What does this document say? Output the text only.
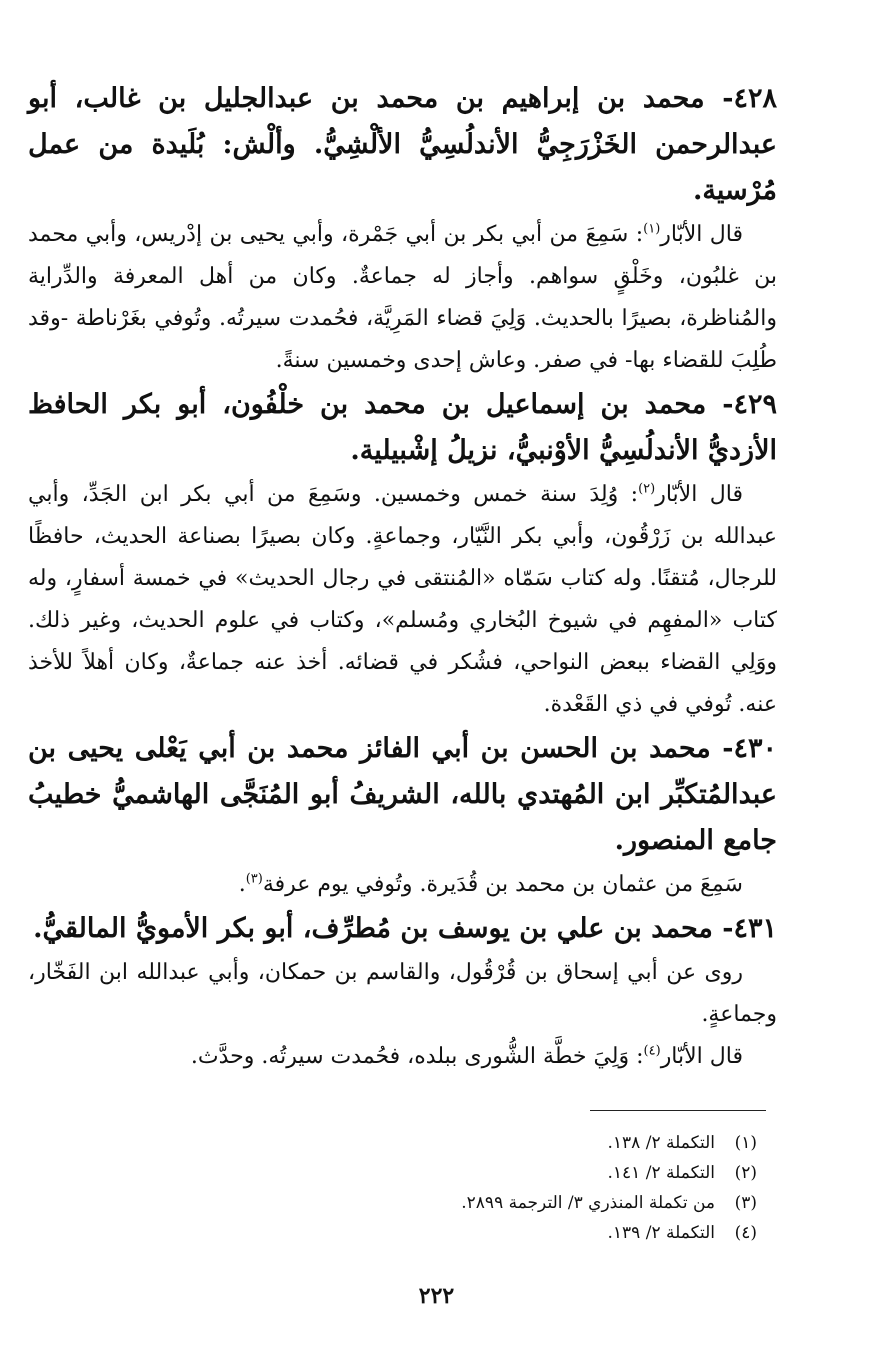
٤٢٨- محمد بن إبراهيم بن محمد بن عبدالجليل بن غالب، أبو عبدالرحمن الخَزْرَجِيُّ الأندلُسِيُّ الألْشِيُّ. وألْش: بُلَيدة من عمل مُرْسية.

قال الأبّار$^{(١)}$: سَمِعَ من أبي بكر بن أبي جَمْرة، وأبي يحيى بن إدْريس، وأبي محمد بن غلبُون، وخَلْقٍ سواهم. وأجاز له جماعةٌ. وكان من أهل المعرفة والدِّراية والمُناظرة، بصيرًا بالحديث. وَلِيَ قضاء المَرِيَّة، فحُمدت سيرتُه. وتُوفي بغَرْناطة -وقد طُلِبَ للقضاء بها- في صفر. وعاش إحدى وخمسين سنةً.

٤٢٩- محمد بن إسماعيل بن محمد بن خلْفُون، أبو بكر الحافظ الأزديُّ الأندلُسِيُّ الأوْنبيُّ، نزيلُ إشْبيلية.

قال الأبّار$^{(٢)}$: وُلِدَ سنة خمس وخمسين. وسَمِعَ من أبي بكر ابن الجَدِّ، وأبي عبدالله بن زَرْقُون، وأبي بكر النَّيّار، وجماعةٍ. وكان بصيرًا بصناعة الحديث، حافظًا للرجال، مُتقنًا. وله كتاب سَمّاه «المُنتقى في رجال الحديث» في خمسة أسفارٍ، وله كتاب «المفهِم في شيوخ البُخاري ومُسلم»، وكتاب في علوم الحديث، وغير ذلك. ووَلِي القضاء ببعض النواحي، فشُكر في قضائه. أخذ عنه جماعةٌ، وكان أهلاً للأخذ عنه. تُوفي في ذي القَعْدة.

٤٣٠- محمد بن الحسن بن أبي الفائز محمد بن أبي يَعْلى يحيى بن عبدالمُتكبِّر ابن المُهتدي بالله، الشريفُ أبو المُنَجَّى الهاشميُّ خطيبُ جامع المنصور.

سَمِعَ من عثمان بن محمد بن قُدَيرة. وتُوفي يوم عرفة$^{(٣)}$.

٤٣١- محمد بن علي بن يوسف بن مُطرِّف، أبو بكر الأمويُّ المالقيُّ.

روى عن أبي إسحاق بن قُرْقُول، والقاسم بن حمكان، وأبي عبدالله ابن الفَخّار، وجماعةٍ.

قال الأبّار$^{(٤)}$: وَلِيَ خطَّة الشُّورى ببلده، فحُمدت سيرتُه. وحدَّث.

(١)
التكملة ٢/ ١٣٨.
(٢)
التكملة ٢/ ١٤١.
(٣)
من تكملة المنذري ٣/ الترجمة ٢٨٩٩.
(٤)
التكملة ٢/ ١٣٩.
٢٢٢
